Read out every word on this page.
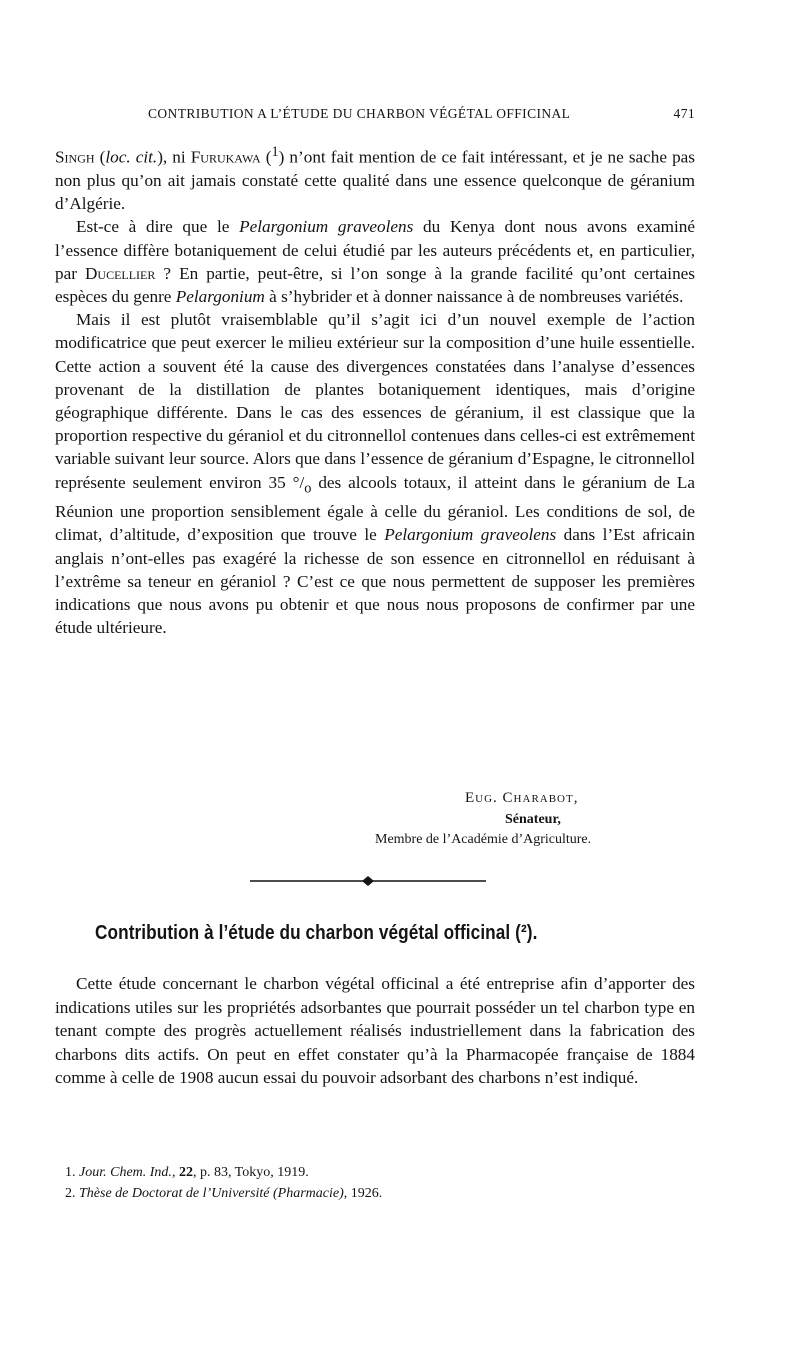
CONTRIBUTION A L’ÉTUDE DU CHARBON VÉGÉTAL OFFICINAL	471

Singh (loc. cit.), ni Furukawa ($^1$) n’ont fait mention de ce fait intéressant, et je ne sache pas non plus qu’on ait jamais constaté cette qualité dans une essence quelconque de géranium d’Algérie.

Est-ce à dire que le Pelargonium graveolens du Kenya dont nous avons examiné l’essence diffère botaniquement de celui étudié par les auteurs précédents et, en particulier, par Ducellier ? En partie, peut-être, si l’on songe à la grande facilité qu’ont certaines espèces du genre Pelargonium à s’hybrider et à donner naissance à de nombreuses variétés.

Mais il est plutôt vraisemblable qu’il s’agit ici d’un nouvel exemple de l’action modificatrice que peut exercer le milieu extérieur sur la composition d’une huile essentielle. Cette action a souvent été la cause des divergences constatées dans l’analyse d’essences provenant de la distillation de plantes botaniquement identiques, mais d’origine géographique différente. Dans le cas des essences de géranium, il est classique que la proportion respective du géraniol et du citronnellol contenues dans celles-ci est extrêmement variable suivant leur source. Alors que dans l’essence de géranium d’Espagne, le citronnellol représente seulement environ 35 $^\circ/_o$ des alcools totaux, il atteint dans le géranium de La Réunion une proportion sensiblement égale à celle du géraniol. Les conditions de sol, de climat, d’altitude, d’exposition que trouve le Pelargonium graveolens dans l’Est africain anglais n’ont-elles pas exagéré la richesse de son essence en citronnellol en réduisant à l’extrême sa teneur en géraniol ? C’est ce que nous permettent de supposer les premières indications que nous avons pu obtenir et que nous nous proposons de confirmer par une étude ultérieure.

Eug. Charabot,
Sénateur,
Membre de l’Académie d’Agriculture.
Contribution à l’étude du charbon végétal officinal (²).

Cette étude concernant le charbon végétal officinal a été entreprise afin d’apporter des indications utiles sur les propriétés adsorbantes que pourrait posséder un tel charbon type en tenant compte des progrès actuellement réalisés industriellement dans la fabrication des charbons dits actifs. On peut en effet constater qu’à la Pharmacopée française de 1884 comme à celle de 1908 aucun essai du pouvoir adsorbant des charbons n’est indiqué.

1. Jour. Chem. Ind., 22, p. 83, Tokyo, 1919.
2. Thèse de Doctorat de l’Université (Pharmacie), 1926.
